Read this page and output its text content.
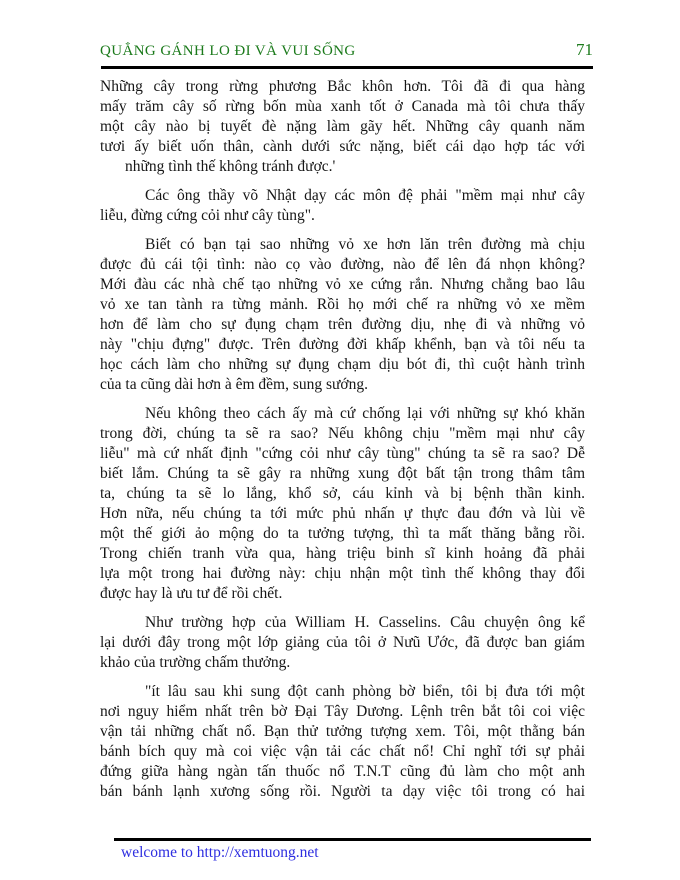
QUẲNG GÁNH LO ĐI VÀ VUI SỐNG	71
Những cây trong rừng phương Bắc khôn hơn. Tôi đã đi qua hàng
mấy trăm cây số rừng bốn mùa xanh tốt ở Canada mà tôi chưa thấy
một cây nào bị tuyết đè nặng làm gãy hết. Những cây quanh năm
tươi ấy biết uốn thân, cành dưới sức nặng, biết cái dạo hợp tác với
những tình thế không tránh được.'
Các ông thầy võ Nhật dạy các môn đệ phải "mềm mại như cây
liễu, đừng cứng cỏi như cây tùng".
Biết có bạn tại sao những vỏ xe hơn lăn trên đường mà chịu
được đủ cái tội tình: nào cọ vào đường, nào để lên đá nhọn không?
Mới đàu các nhà chế tạo những vỏ xe cứng rắn. Nhưng chẳng bao lâu
vỏ xe tan tành ra từng mảnh. Rồi họ mới chế ra những vỏ xe mềm
hơn để làm cho sự đụng chạm trên đường dịu, nhẹ đi và những vỏ
này "chịu đựng" được. Trên đường đời khấp khểnh, bạn và tôi nếu ta
học cách làm cho những sự đụng chạm dịu bót đi, thì cuột hành trình
của ta cũng dài hơn à êm đềm, sung sướng.
Nếu không theo cách ấy mà cứ chống lại với những sự khó khăn
trong đời, chúng ta sẽ ra sao? Nếu không chịu "mềm mại như cây
liễu" mà cứ nhất định "cứng cỏi như cây tùng" chúng ta sẽ ra sao? Dễ
biết lắm. Chúng ta sẽ gây ra những xung đột bất tận trong thâm tâm
ta, chúng ta sẽ lo lắng, khổ sở, cáu kỉnh và bị bệnh thần kinh.
Hơn nữa, nếu chúng ta tới mức phủ nhấn ự thực đau đớn và lùi về
một thế giới ảo mộng do ta tưởng tượng, thì ta mất thăng bằng rồi.
Trong chiến tranh vừa qua, hàng triệu binh sĩ kinh hoảng đã phải
lựa một trong hai đường này: chịu nhận một tình thế không thay đổi
được hay là ưu tư để rồi chết.
Như trường hợp của William H. Casselins. Câu chuyện ông kể
lại dưới đây trong một lớp giảng của tôi ở Nưũ Ước, đã được ban giám
khảo của trường chấm thưởng.
"ít lâu sau khi sung đột canh phòng bờ biển, tôi bị đưa tới một
nơi nguy hiểm nhất trên bờ Đại Tây Dương. Lệnh trên bắt tôi coi việc
vận tải những chất nổ. Bạn thử tưởng tượng xem. Tôi, một thằng bán
bánh bích quy mà coi việc vận tải các chất nổ! Chỉ nghĩ tới sự phải
đứng giữa hàng ngàn tấn thuốc nổ T.N.T cũng đủ làm cho một anh
bán bánh lạnh xương sống rồi. Người ta dạy việc tôi trong có hai
welcome to http://xemtuong.net
